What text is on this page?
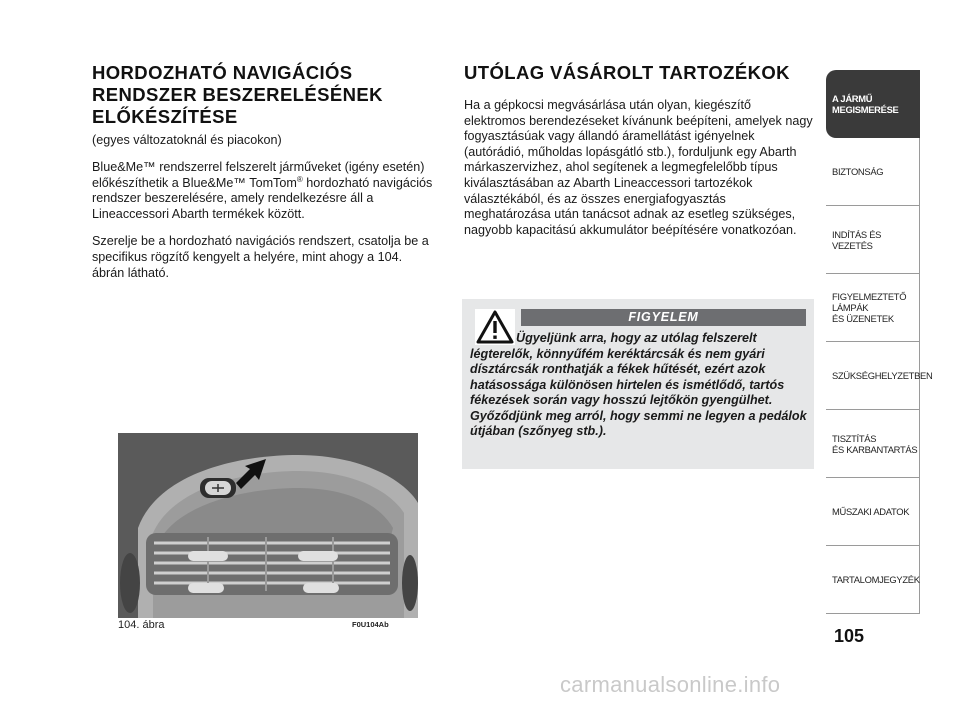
HORDOZHATÓ NAVIGÁCIÓS
RENDSZER BESZERELÉSÉNEK
ELŐKÉSZÍTÉSE
(egyes változatoknál és piacokon)

Blue&Me™ rendszerrel felszerelt járműveket (igény esetén) előkészíthetik a Blue&Me™ TomTom® hordozható navigációs rendszer beszerelésére, amely rendelkezésre áll a Lineaccessori Abarth termékek között.

Szerelje be a hordozható navigációs rendszert, csatolja be a specifikus rögzítő kengyelt a helyére, mint ahogy a 104. ábrán látható.

UTÓLAG VÁSÁROLT TARTOZÉKOK

Ha a gépkocsi megvásárlása után olyan, kiegészítő elektromos berendezéseket kívánunk beépíteni, amelyek nagy fogyasztásúak vagy állandó áramellátást igényelnek (autórádió, műholdas lopásgátló stb.), forduljunk egy Abarth márkaszervizhez, ahol segítenek a legmegfelelőbb típus kiválasztásában az Abarth Lineaccessori tartozékok választékából, és az összes energiafogyasztás meghatározása után tanácsot adnak az esetleg szükséges, nagyobb kapacitású akkumulátor beépítésére vonatkozóan.

FIGYELEM
Ügyeljünk arra, hogy az utólag felszerelt légterelők, könnyűfém keréktárcsák és nem gyári dísztárcsák ronthatják a fékek hűtését, ezért azok hatásossága különösen hirtelen és ismétlődő, tartós fékezések során vagy hosszú lejtőkön gyengülhet. Győződjünk meg arról, hogy semmi ne legyen a pedálok útjában (szőnyeg stb.).
104. ábra	F0U104Ab
A JÁRMŰ
MEGISMERÉSE
BIZTONSÁG
INDÍTÁS ÉS VEZETÉS
FIGYELMEZTETŐ
LÁMPÁK
ÉS ÜZENETEK
SZÜKSÉGHELYZETBEN
TISZTÍTÁS
ÉS KARBANTARTÁS
MŰSZAKI ADATOK
TARTALOMJEGYZÉK
105
carmanualsonline.info
